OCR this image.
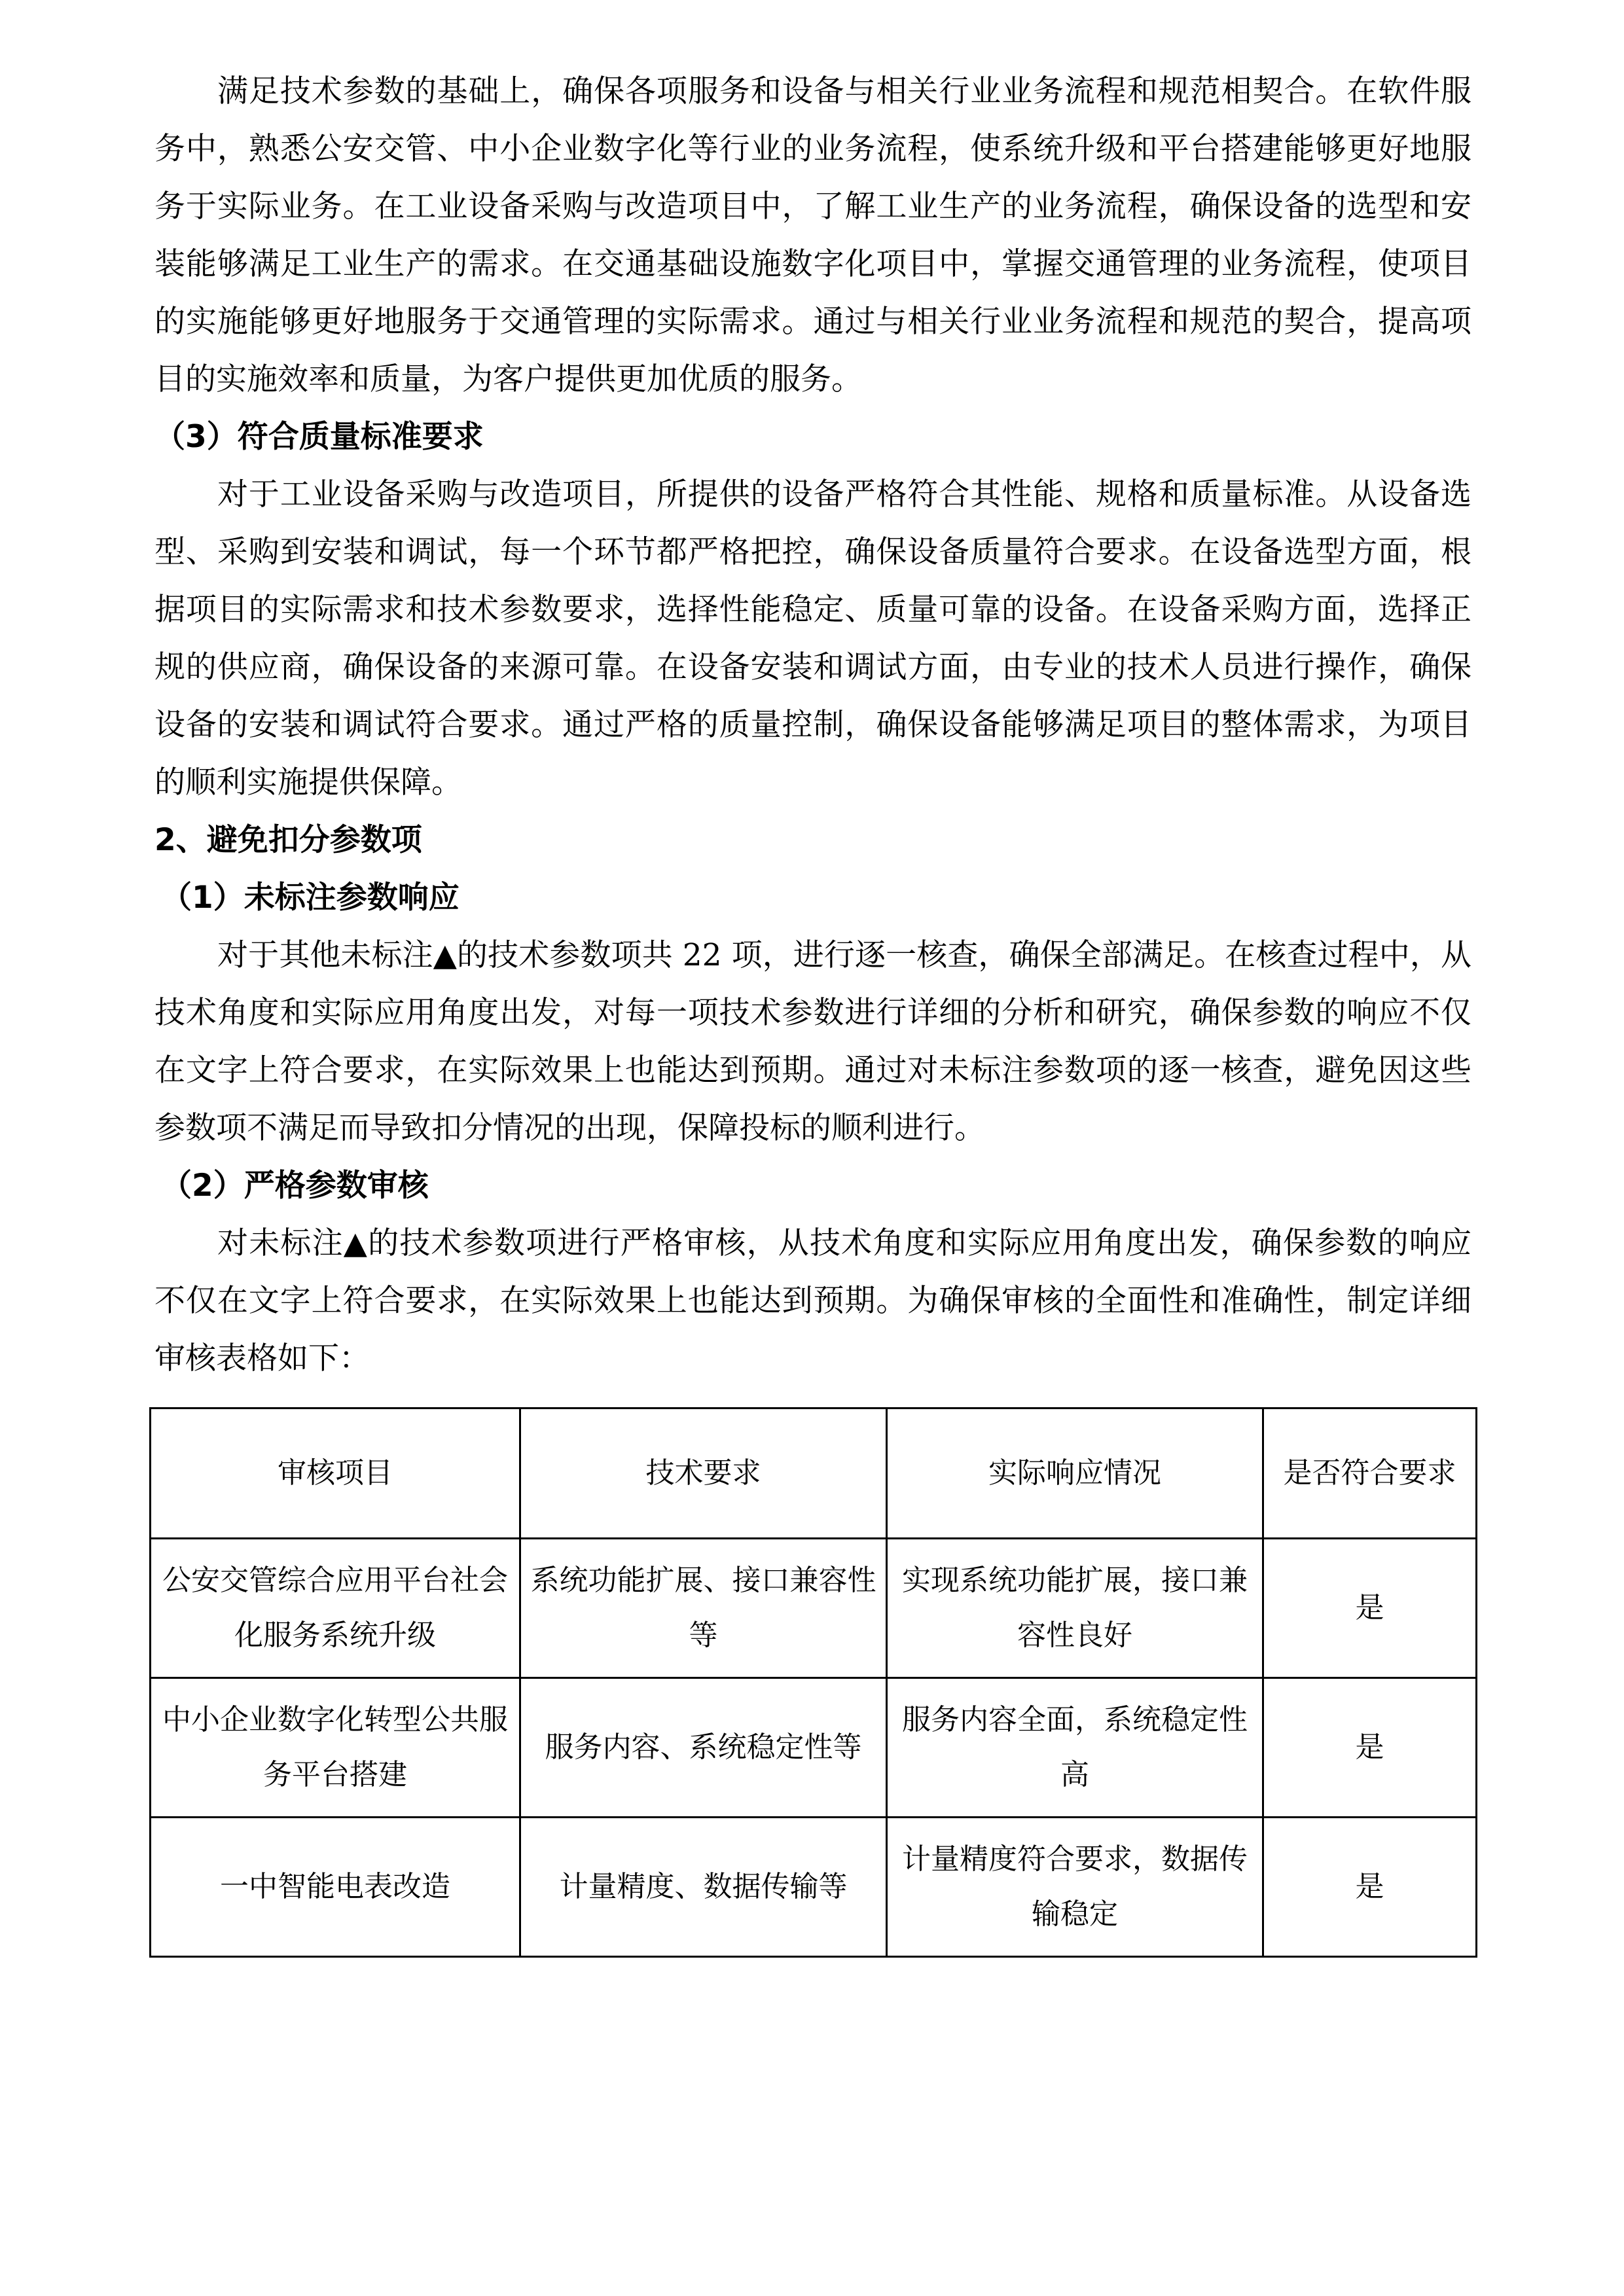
满足技术参数的基础上，确保各项服务和设备与相关行业业务流程和规范相契合。在软件服务中，熟悉公安交管、中小企业数字化等行业的业务流程，使系统升级和平台搭建能够更好地服务于实际业务。在工业设备采购与改造项目中，了解工业生产的业务流程，确保设备的选型和安装能够满足工业生产的需求。在交通基础设施数字化项目中，掌握交通管理的业务流程，使项目的实施能够更好地服务于交通管理的实际需求。通过与相关行业业务流程和规范的契合，提高项目的实施效率和质量，为客户提供更加优质的服务。

（3）符合质量标准要求

对于工业设备采购与改造项目，所提供的设备严格符合其性能、规格和质量标准。从设备选型、采购到安装和调试，每一个环节都严格把控，确保设备质量符合要求。在设备选型方面，根据项目的实际需求和技术参数要求，选择性能稳定、质量可靠的设备。在设备采购方面，选择正规的供应商，确保设备的来源可靠。在设备安装和调试方面，由专业的技术人员进行操作，确保设备的安装和调试符合要求。通过严格的质量控制，确保设备能够满足项目的整体需求，为项目的顺利实施提供保障。

2、避免扣分参数项
（1）未标注参数响应

对于其他未标注▲的技术参数项共 22 项，进行逐一核查，确保全部满足。在核查过程中，从技术角度和实际应用角度出发，对每一项技术参数进行详细的分析和研究，确保参数的响应不仅在文字上符合要求，在实际效果上也能达到预期。通过对未标注参数项的逐一核查，避免因这些参数项不满足而导致扣分情况的出现，保障投标的顺利进行。

（2）严格参数审核

对未标注▲的技术参数项进行严格审核，从技术角度和实际应用角度出发，确保参数的响应不仅在文字上符合要求，在实际效果上也能达到预期。为确保审核的全面性和准确性，制定详细审核表格如下：

审核项目	技术要求	实际响应情况	是否符合要求
公安交管综合应用平台社会化服务系统升级	系统功能扩展、接口兼容性等	实现系统功能扩展，接口兼容性良好	是
中小企业数字化转型公共服务平台搭建	服务内容、系统稳定性等	服务内容全面，系统稳定性高	是
一中智能电表改造	计量精度、数据传输等	计量精度符合要求，数据传输稳定	是
